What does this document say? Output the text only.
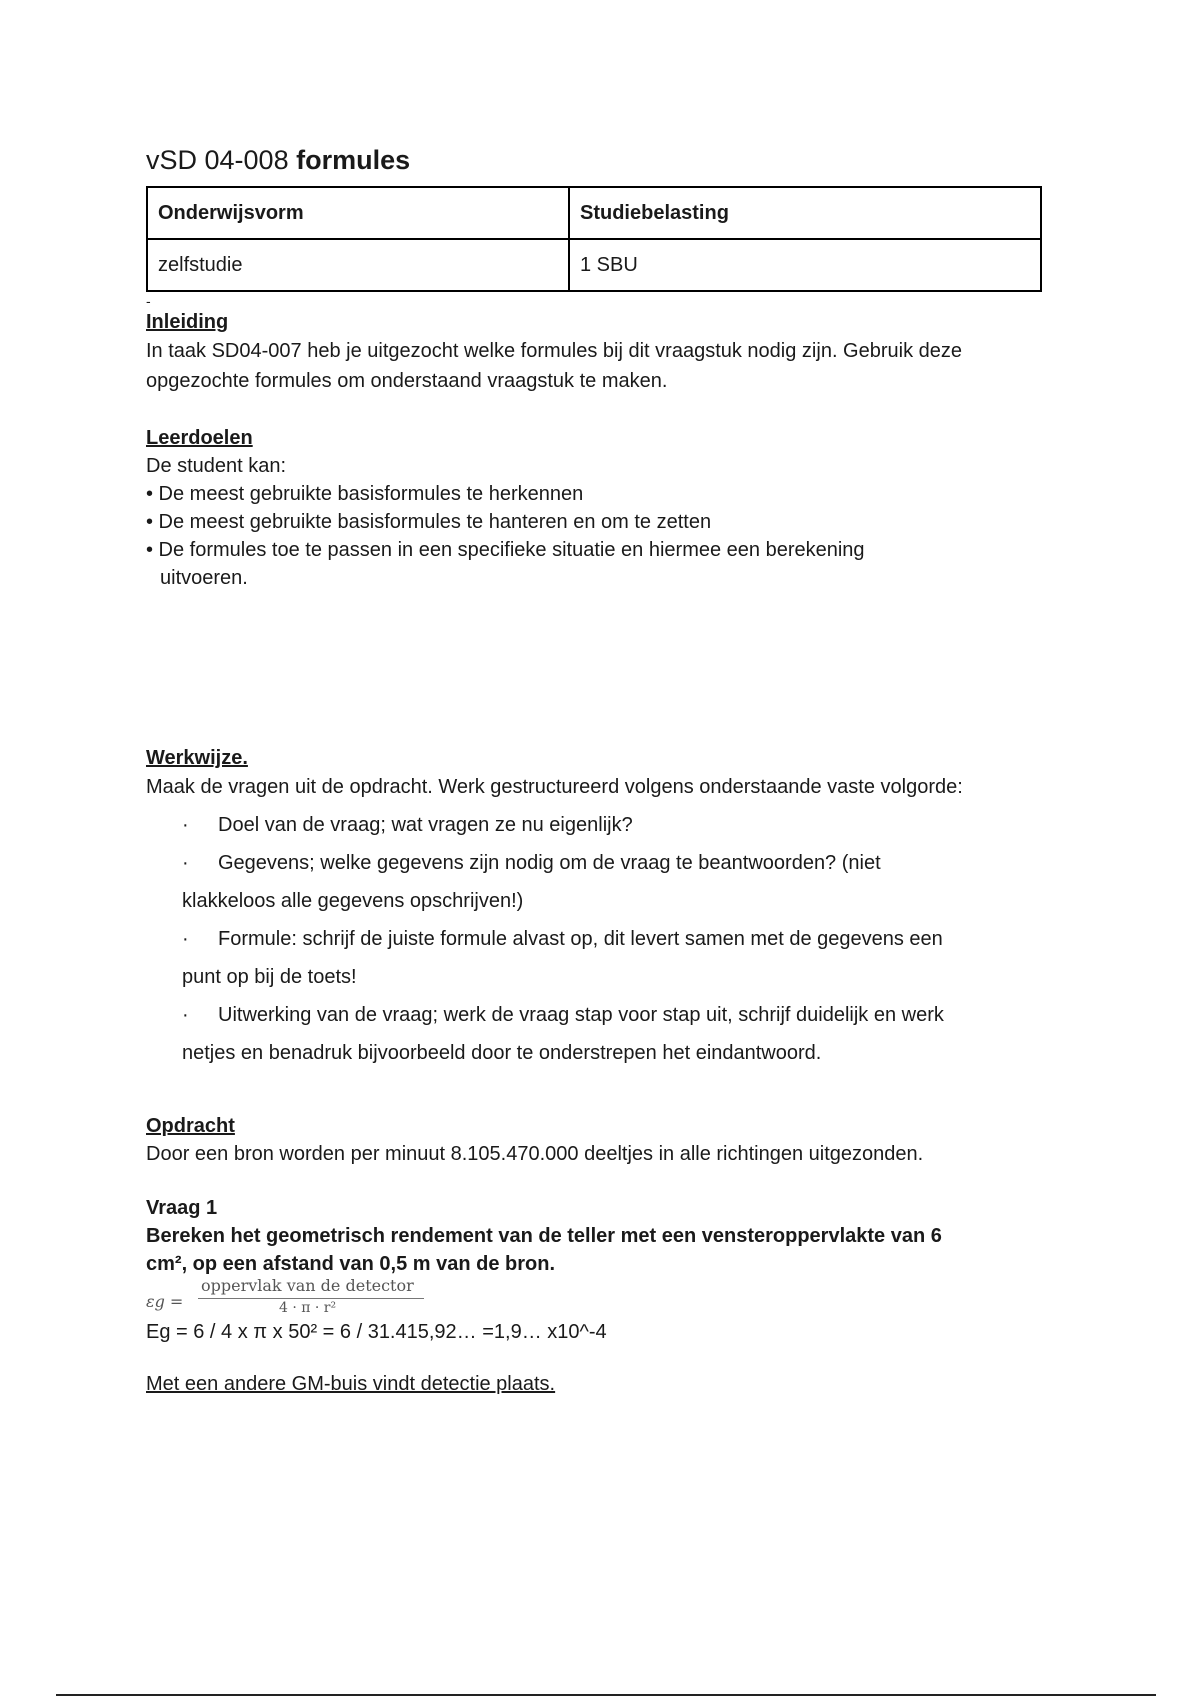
vSD 04-008 formules
Onderwijsvorm	Studiebelasting
zelfstudie	1 SBU
-
Inleiding
In taak SD04-007 heb je uitgezocht welke formules bij dit vraagstuk nodig zijn. Gebruik deze
opgezochte formules om onderstaand vraagstuk te maken.
Leerdoelen
De student kan:
• De meest gebruikte basisformules te herkennen
• De meest gebruikte basisformules te hanteren en om te zetten
• De formules toe te passen in een specifieke situatie en hiermee een berekening uitvoeren.
Werkwijze.
Maak de vragen uit de opdracht. Werk gestructureerd volgens onderstaande vaste volgorde:
· Doel van de vraag; wat vragen ze nu eigenlijk?
· Gegevens; welke gegevens zijn nodig om de vraag te beantwoorden? (niet
klakkeloos alle gegevens opschrijven!)
· Formule: schrijf de juiste formule alvast op, dit levert samen met de gegevens een
punt op bij de toets!
· Uitwerking van de vraag; werk de vraag stap voor stap uit, schrijf duidelijk en werk
netjes en benadruk bijvoorbeeld door te onderstrepen het eindantwoord.
Opdracht
Door een bron worden per minuut 8.105.470.000 deeltjes in alle richtingen uitgezonden.
Vraag 1
Bereken het geometrisch rendement van de teller met een vensteroppervlakte van 6
cm², op een afstand van 0,5 m van de bron.
εg =
oppervlak van de detector
4 · π · r²
Eg = 6 / 4 x π x 50² = 6 / 31.415,92… =1,9… x10^-4
Met een andere GM-buis vindt detectie plaats.
